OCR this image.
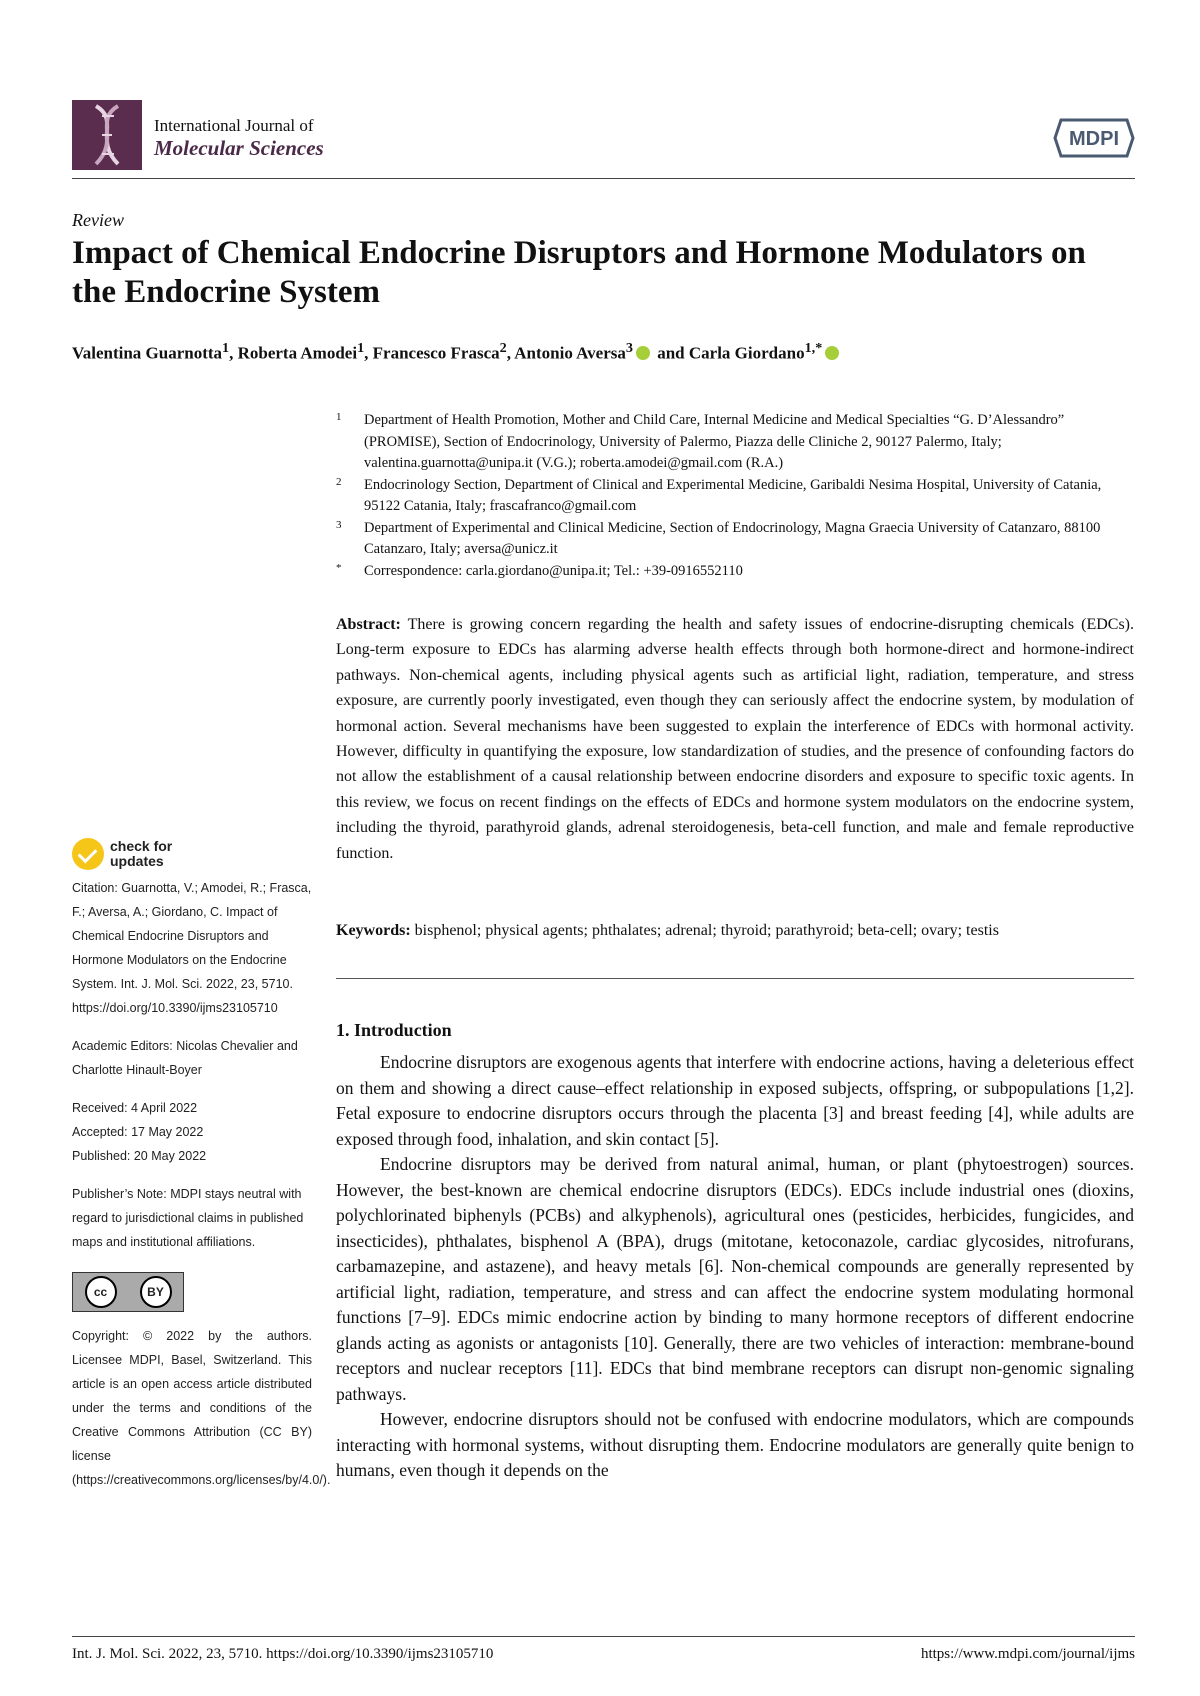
International Journal of
Molecular Sciences	MDPI
Review
Impact of Chemical Endocrine Disruptors and Hormone Modulators on the Endocrine System
Valentina Guarnotta$^1$, Roberta Amodei$^1$, Francesco Frasca$^2$, Antonio Aversa$^3$ and Carla Giordano$^{1,*}$
1 Department of Health Promotion, Mother and Child Care, Internal Medicine and Medical Specialties “G. D’Alessandro” (PROMISE), Section of Endocrinology, University of Palermo, Piazza delle Cliniche 2, 90127 Palermo, Italy; valentina.guarnotta@unipa.it (V.G.); roberta.amodei@gmail.com (R.A.)
2 Endocrinology Section, Department of Clinical and Experimental Medicine, Garibaldi Nesima Hospital, University of Catania, 95122 Catania, Italy; frascafranco@gmail.com
3 Department of Experimental and Clinical Medicine, Section of Endocrinology, Magna Graecia University of Catanzaro, 88100 Catanzaro, Italy; aversa@unicz.it
* Correspondence: carla.giordano@unipa.it; Tel.: +39-0916552110

Abstract: There is growing concern regarding the health and safety issues of endocrine-disrupting chemicals (EDCs). Long-term exposure to EDCs has alarming adverse health effects through both hormone-direct and hormone-indirect pathways. Non-chemical agents, including physical agents such as artificial light, radiation, temperature, and stress exposure, are currently poorly investigated, even though they can seriously affect the endocrine system, by modulation of hormonal action. Several mechanisms have been suggested to explain the interference of EDCs with hormonal activity. However, difficulty in quantifying the exposure, low standardization of studies, and the presence of confounding factors do not allow the establishment of a causal relationship between endocrine disorders and exposure to specific toxic agents. In this review, we focus on recent findings on the effects of EDCs and hormone system modulators on the endocrine system, including the thyroid, parathyroid glands, adrenal steroidogenesis, beta-cell function, and male and female reproductive function.

Keywords: bisphenol; physical agents; phthalates; adrenal; thyroid; parathyroid; beta-cell; ovary; testis

check for
updates
Citation: Guarnotta, V.; Amodei, R.; Frasca, F.; Aversa, A.; Giordano, C. Impact of Chemical Endocrine Disruptors and Hormone Modulators on the Endocrine System. Int. J. Mol. Sci. 2022, 23, 5710. https://doi.org/10.3390/ijms23105710
Academic Editors: Nicolas Chevalier and Charlotte Hinault-Boyer
Received: 4 April 2022
Accepted: 17 May 2022
Published: 20 May 2022
Publisher’s Note: MDPI stays neutral with regard to jurisdictional claims in published maps and institutional affiliations.
cc	BY
Copyright: © 2022 by the authors. Licensee MDPI, Basel, Switzerland. This article is an open access article distributed under the terms and conditions of the Creative Commons Attribution (CC BY) license (https://creativecommons.org/licenses/by/4.0/).
1. Introduction

Endocrine disruptors are exogenous agents that interfere with endocrine actions, having a deleterious effect on them and showing a direct cause–effect relationship in exposed subjects, offspring, or subpopulations [1,2]. Fetal exposure to endocrine disruptors occurs through the placenta [3] and breast feeding [4], while adults are exposed through food, inhalation, and skin contact [5].

Endocrine disruptors may be derived from natural animal, human, or plant (phytoestrogen) sources. However, the best-known are chemical endocrine disruptors (EDCs). EDCs include industrial ones (dioxins, polychlorinated biphenyls (PCBs) and alkyphenols), agricultural ones (pesticides, herbicides, fungicides, and insecticides), phthalates, bisphenol A (BPA), drugs (mitotane, ketoconazole, cardiac glycosides, nitrofurans, carbamazepine, and astazene), and heavy metals [6]. Non-chemical compounds are generally represented by artificial light, radiation, temperature, and stress and can affect the endocrine system modulating hormonal functions [7–9]. EDCs mimic endocrine action by binding to many hormone receptors of different endocrine glands acting as agonists or antagonists [10]. Generally, there are two vehicles of interaction: membrane-bound receptors and nuclear receptors [11]. EDCs that bind membrane receptors can disrupt non-genomic signaling pathways.

However, endocrine disruptors should not be confused with endocrine modulators, which are compounds interacting with hormonal systems, without disrupting them. Endocrine modulators are generally quite benign to humans, even though it depends on the

Int. J. Mol. Sci. 2022, 23, 5710. https://doi.org/10.3390/ijms23105710	https://www.mdpi.com/journal/ijms
